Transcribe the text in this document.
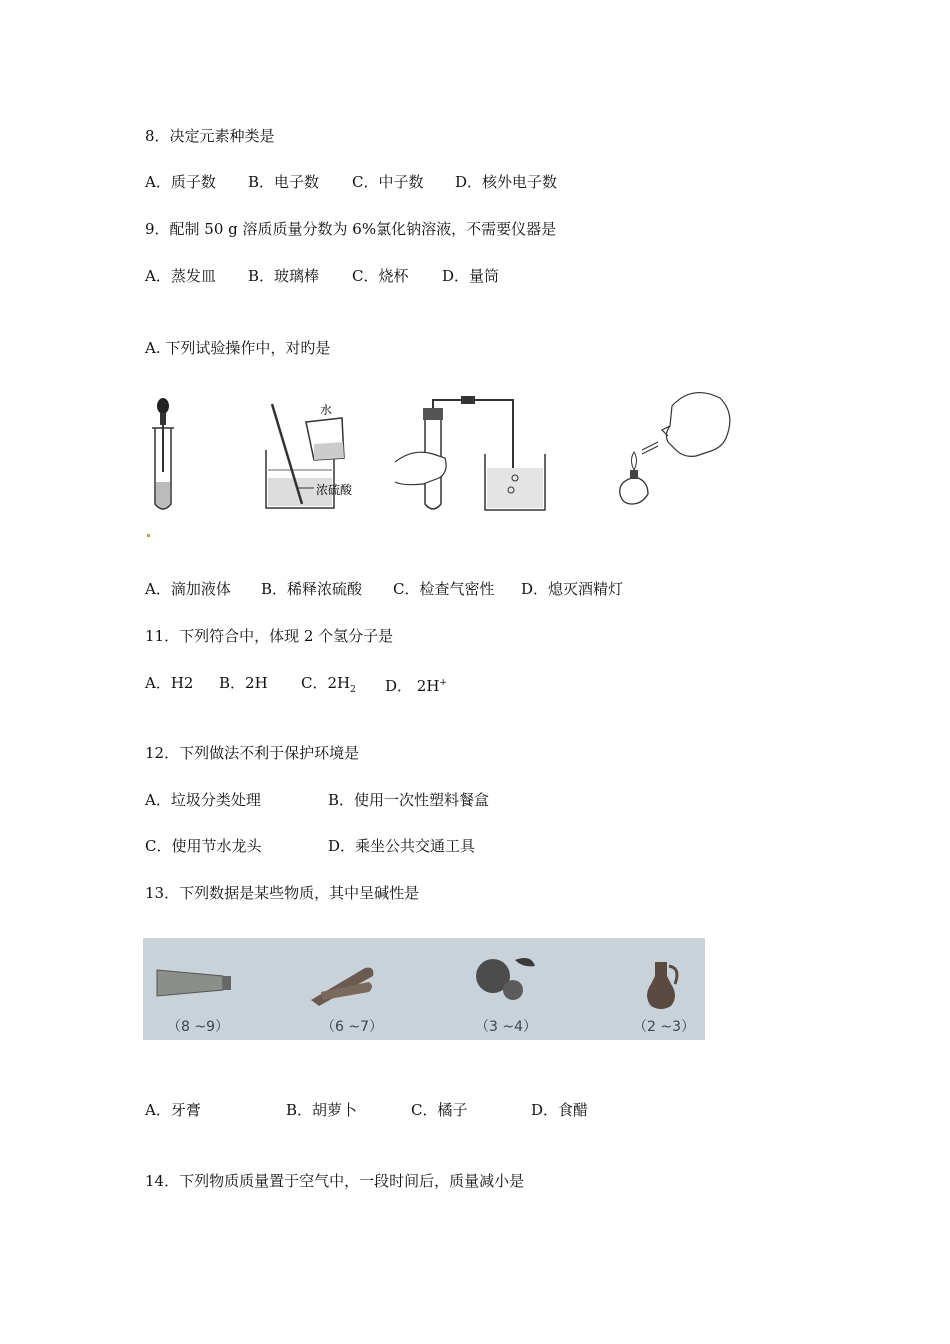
8．决定元素种类是
A．质子数 B．电子数 C．中子数 D．核外电子数
9．配制 50 g 溶质质量分数为 6%氯化钠溶液，不需要仪器是
A．蒸发皿 B．玻璃棒 C．烧杯 D．量筒
A. 下列试验操作中，对旳是
水
浓硫酸
A．滴加液体 B．稀释浓硫酸 C．检查气密性 D．熄灭酒精灯
11．下列符合中，体现 2 个氢分子是
A．H2 B．2H C．$2H_2$ D． 2H+
12．下列做法不利于保护环境是
A．垃圾分类处理	B．使用一次性塑料餐盒
C．使用节水龙头	D．乘坐公共交通工具
13．下列数据是某些物质，其中呈碱性是
（8 ~9）	（6 ~7）	（3 ~4）	（2 ~3）
A．牙膏	B．胡萝卜	C．橘子	D．食醋
14．下列物质质量置于空气中，一段时间后，质量减小是
